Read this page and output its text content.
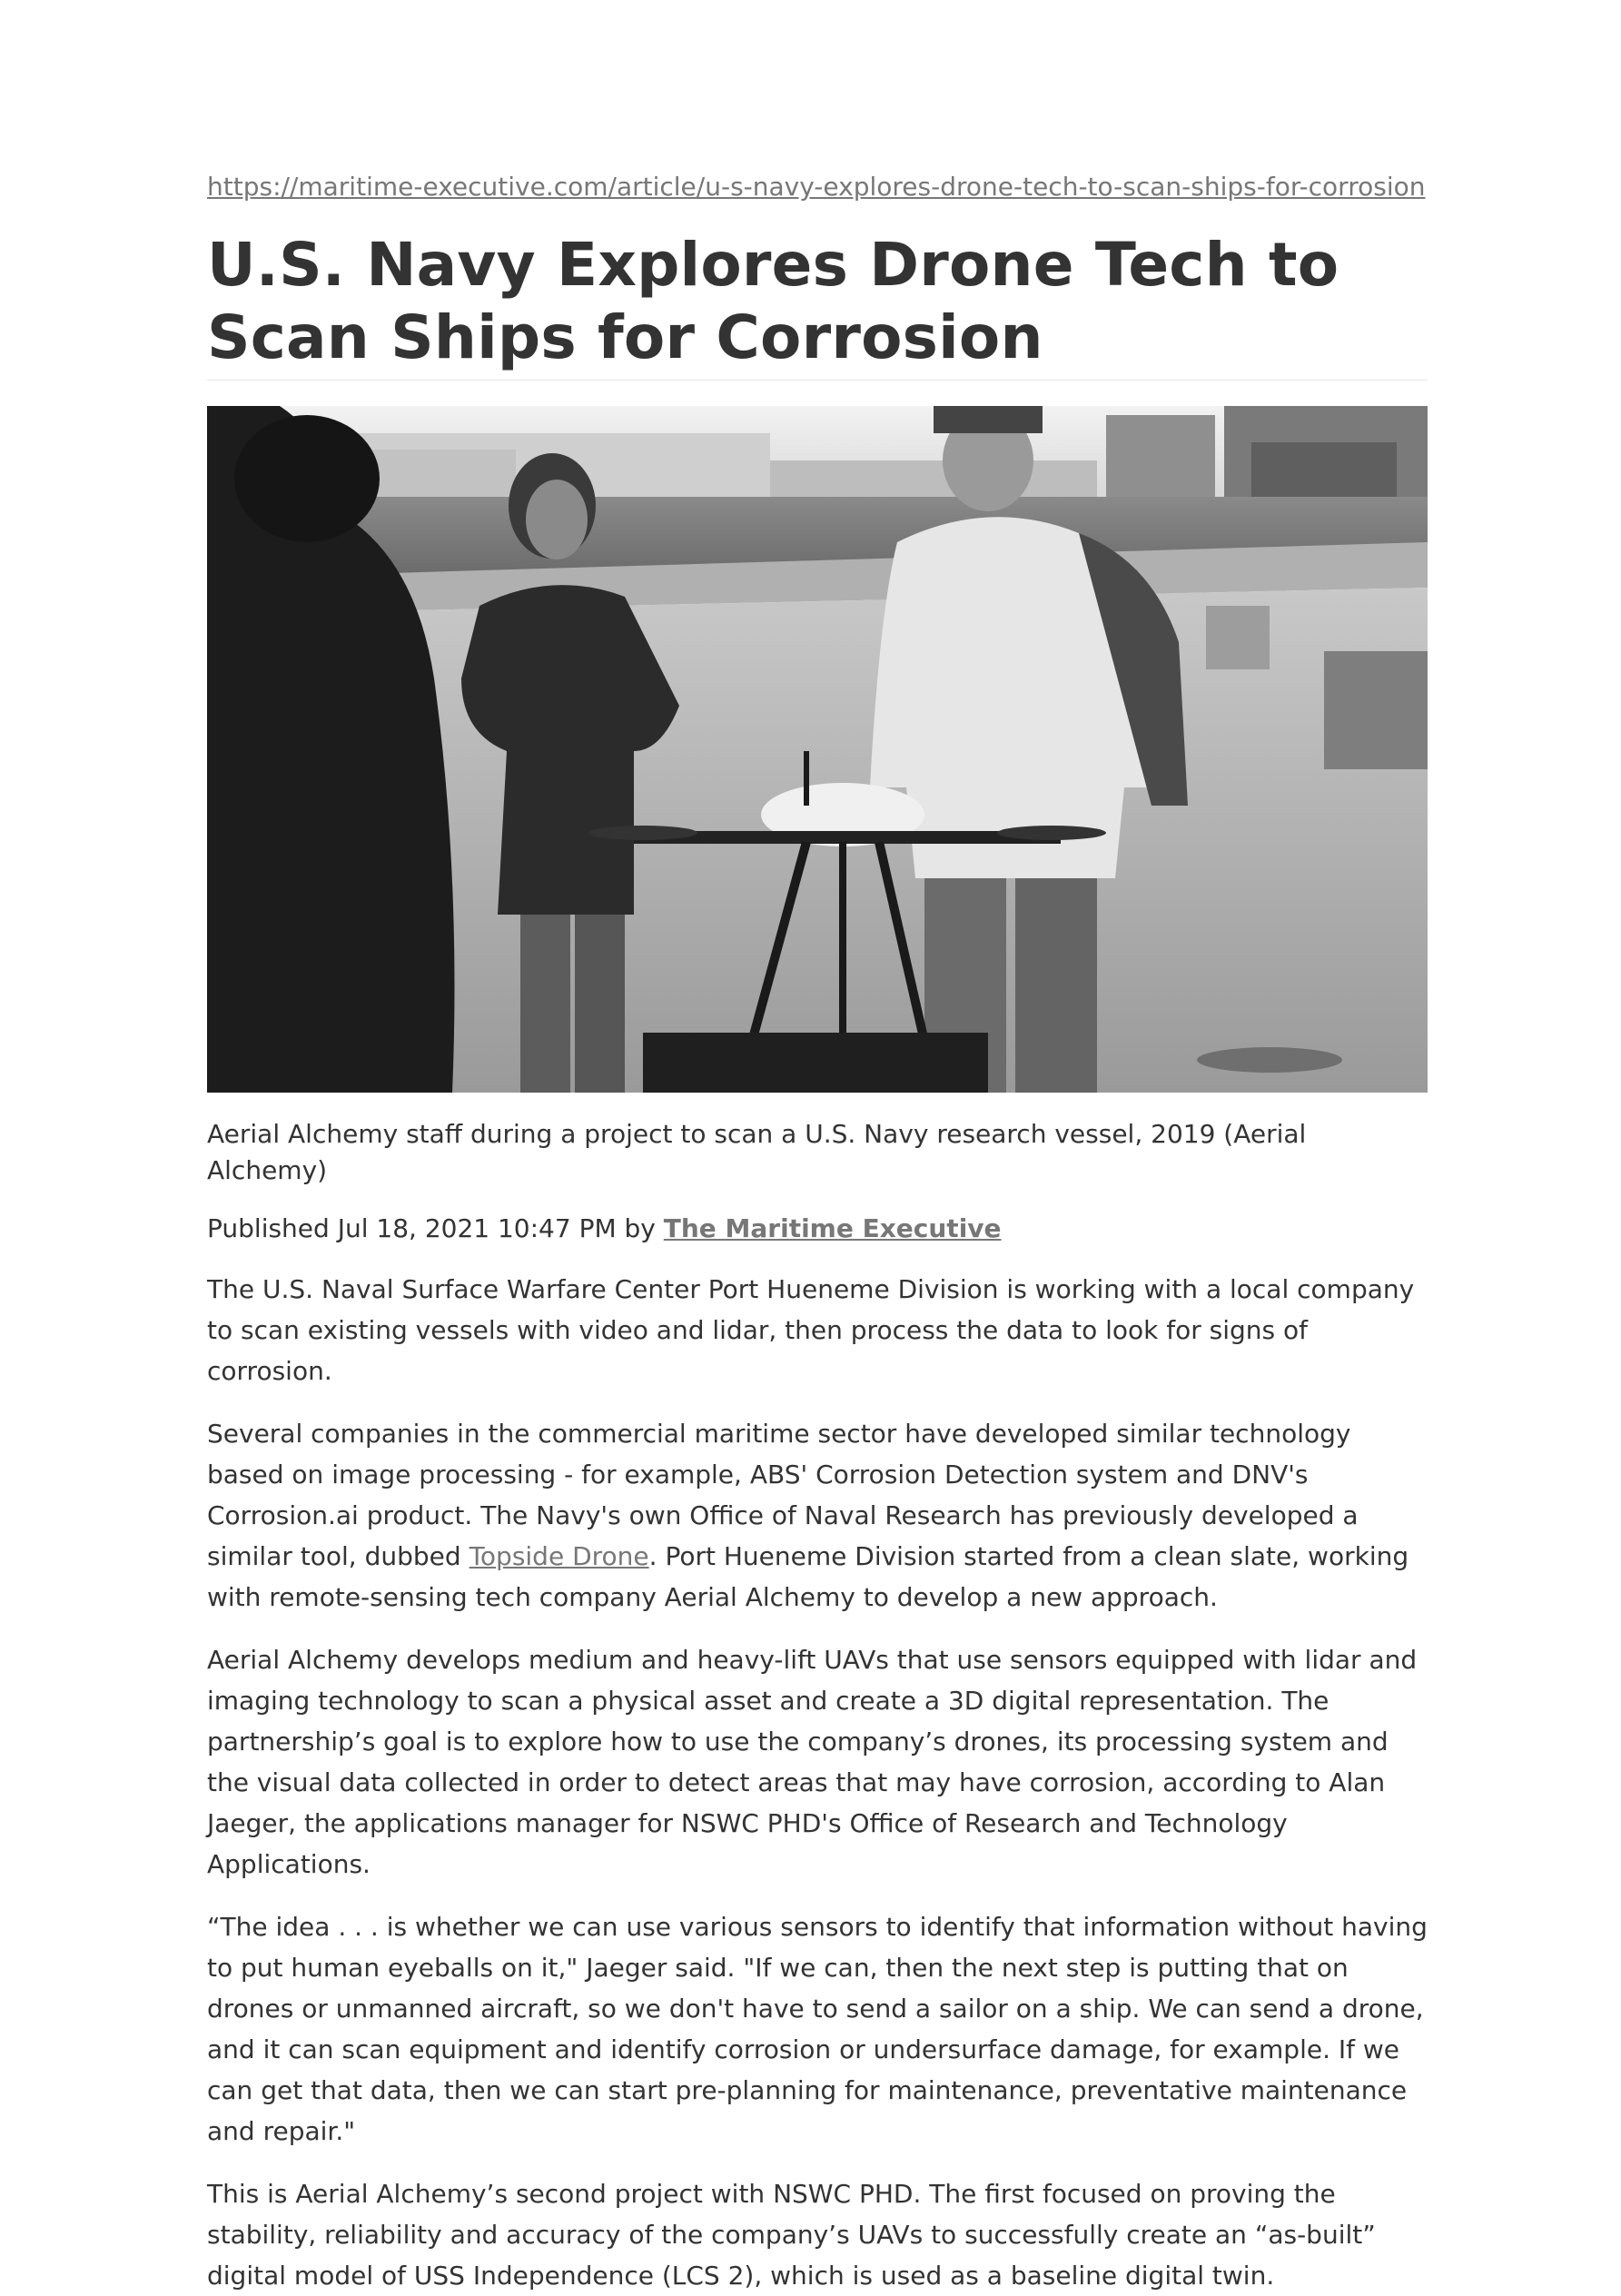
https://maritime-executive.com/article/u-s-navy-explores-drone-tech-to-scan-ships-for-corrosion
U.S. Navy Explores Drone Tech to Scan Ships for Corrosion

Aerial Alchemy staff during a project to scan a U.S. Navy research vessel, 2019 (Aerial Alchemy)

Published Jul 18, 2021 10:47 PM by The Maritime Executive

The U.S. Naval Surface Warfare Center Port Hueneme Division is working with a local company to scan existing vessels with video and lidar, then process the data to look for signs of corrosion.

Several companies in the commercial maritime sector have developed similar technology based on image processing - for example, ABS' Corrosion Detection system and DNV's Corrosion.ai product. The Navy's own Office of Naval Research has previously developed a similar tool, dubbed Topside Drone. Port Hueneme Division started from a clean slate, working with remote-sensing tech company Aerial Alchemy to develop a new approach.

Aerial Alchemy develops medium and heavy-lift UAVs that use sensors equipped with lidar and imaging technology to scan a physical asset and create a 3D digital representation. The partnership’s goal is to explore how to use the company’s drones, its processing system and the visual data collected in order to detect areas that may have corrosion, according to Alan Jaeger, the applications manager for NSWC PHD's Office of Research and Technology Applications.

“The idea . . . is whether we can use various sensors to identify that information without having to put human eyeballs on it," Jaeger said. "If we can, then the next step is putting that on drones or unmanned aircraft, so we don't have to send a sailor on a ship. We can send a drone, and it can scan equipment and identify corrosion or undersurface damage, for example. If we can get that data, then we can start pre-planning for maintenance, preventative maintenance and repair."

This is Aerial Alchemy’s second project with NSWC PHD. The first focused on proving the stability, reliability and accuracy of the company’s UAVs to successfully create an “as-built” digital model of USS Independence (LCS 2), which is used as a baseline digital twin.
